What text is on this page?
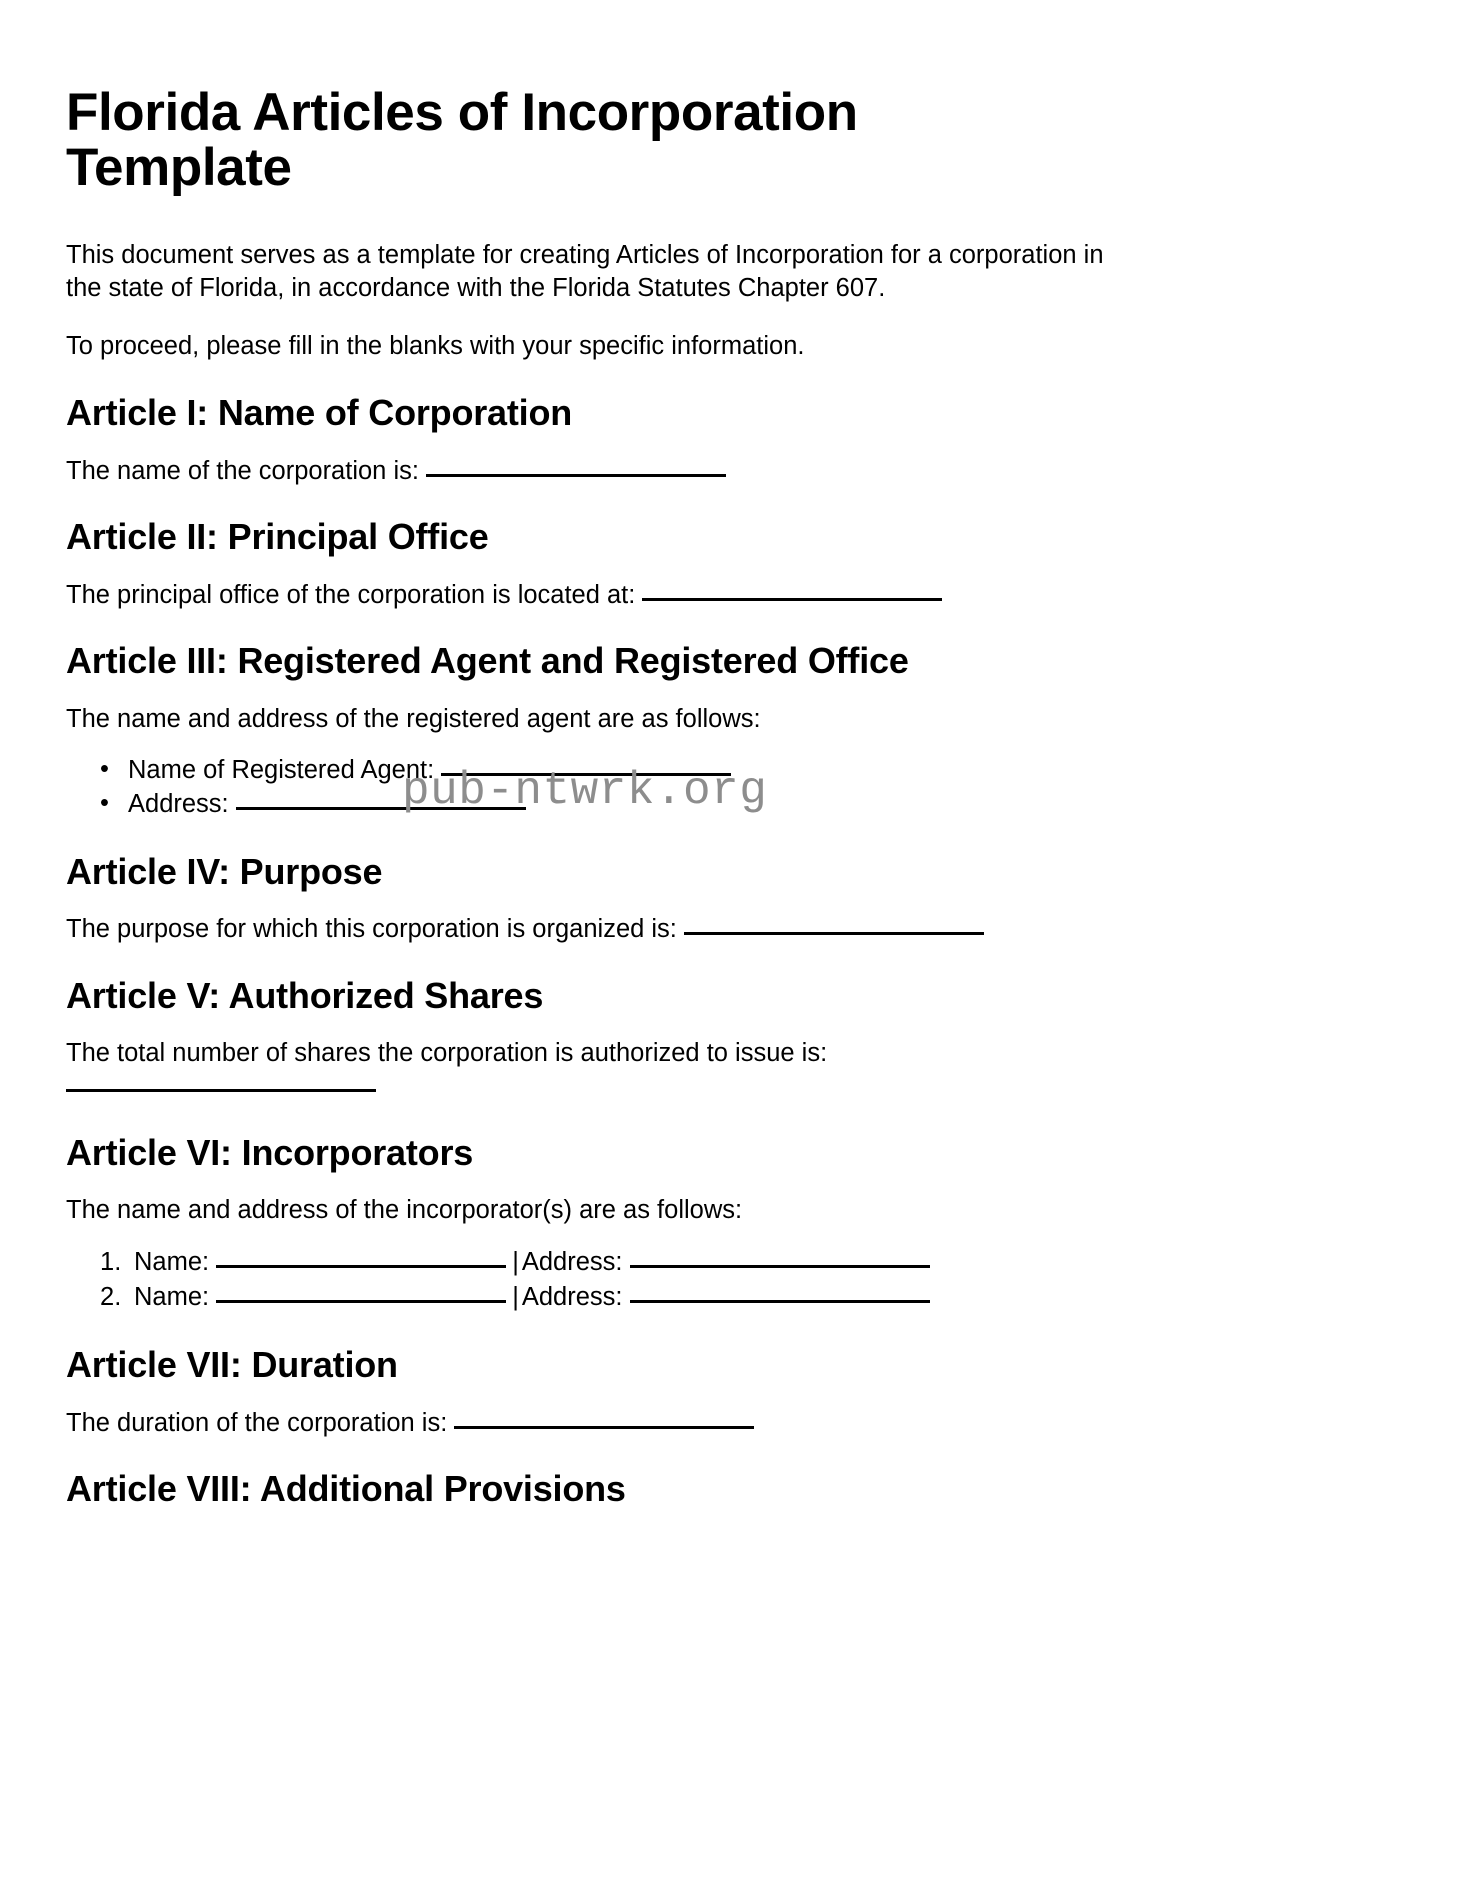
Florida Articles of Incorporation Template

This document serves as a template for creating Articles of Incorporation for a corporation in the state of Florida, in accordance with the Florida Statutes Chapter 607.

To proceed, please fill in the blanks with your specific information.

Article I: Name of Corporation

The name of the corporation is:

Article II: Principal Office

The principal office of the corporation is located at:

Article III: Registered Agent and Registered Office

The name and address of the registered agent are as follows:

• Name of Registered Agent:
• Address:
Article IV: Purpose

The purpose for which this corporation is organized is:

Article V: Authorized Shares

The total number of shares the corporation is authorized to issue is:

Article VI: Incorporators

The name and address of the incorporator(s) are as follows:

Name:	| Address:
Name:	| Address:
Article VII: Duration

The duration of the corporation is:

Article VIII: Additional Provisions
pub-ntwrk.org
